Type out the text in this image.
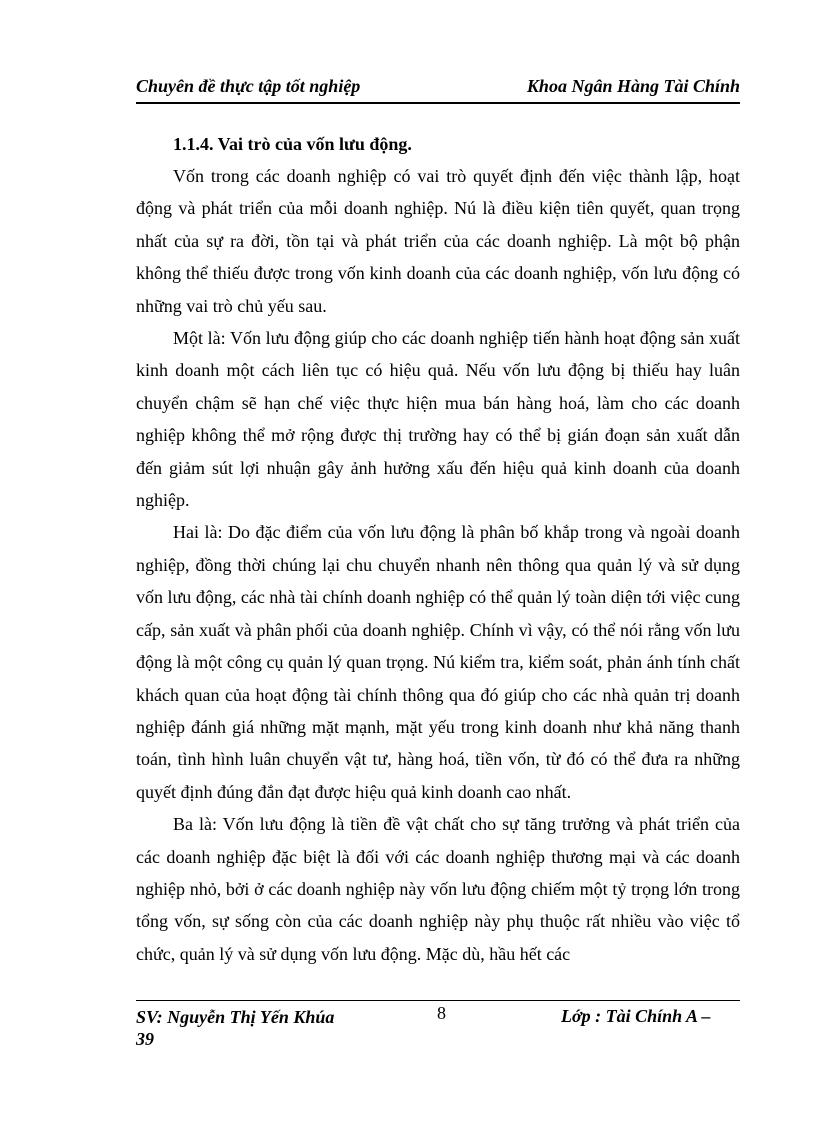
Chuyên đề thực tập tốt nghiệp	Khoa Ngân Hàng Tài Chính

1.1.4. Vai trò của vốn lưu động.

Vốn trong các doanh nghiệp có vai trò quyết định đến việc thành lập, hoạt động và phát triển của mỗi doanh nghiệp. Nú là điều kiện tiên quyết, quan trọng nhất của sự ra đời, tồn tại và phát triển của các doanh nghiệp. Là một bộ phận không thể thiếu được trong vốn kinh doanh của các doanh nghiệp, vốn lưu động có những vai trò chủ yếu sau.

Một là: Vốn lưu động giúp cho các doanh nghiệp tiến hành hoạt động sản xuất kinh doanh một cách liên tục có hiệu quả. Nếu vốn lưu động bị thiếu hay luân chuyển chậm sẽ hạn chế việc thực hiện mua bán hàng hoá, làm cho các doanh nghiệp không thể mở rộng được thị trường hay có thể bị gián đoạn sản xuất dẫn đến giảm sút lợi nhuận gây ảnh hưởng xấu đến hiệu quả kinh doanh của doanh nghiệp.

Hai là: Do đặc điểm của vốn lưu động là phân bố khắp trong và ngoài doanh nghiệp, đồng thời chúng lại chu chuyển nhanh nên thông qua quản lý và sử dụng vốn lưu động, các nhà tài chính doanh nghiệp có thể quản lý toàn diện tới việc cung cấp, sản xuất và phân phối của doanh nghiệp. Chính vì vậy, có thể nói rằng vốn lưu động là một công cụ quản lý quan trọng. Nú kiểm tra, kiểm soát, phản ánh tính chất khách quan của hoạt động tài chính thông qua đó giúp cho các nhà quản trị doanh nghiệp đánh giá những mặt mạnh, mặt yếu trong kinh doanh như khả năng thanh toán, tình hình luân chuyển vật tư, hàng hoá, tiền vốn, từ đó có thể đưa ra những quyết định đúng đắn đạt được hiệu quả kinh doanh cao nhất.

Ba là: Vốn lưu động là tiền đề vật chất cho sự tăng trưởng và phát triển của các doanh nghiệp đặc biệt là đối với các doanh nghiệp thương mại và các doanh nghiệp nhỏ, bởi ở các doanh nghiệp này vốn lưu động chiếm một tỷ trọng lớn trong tổng vốn, sự sống còn của các doanh nghiệp này phụ thuộc rất nhiều vào việc tổ chức, quản lý và sử dụng vốn lưu động. Mặc dù, hầu hết các

SV: Nguyễn Thị Yến Khúa 39
8	Lớp : Tài Chính A –
